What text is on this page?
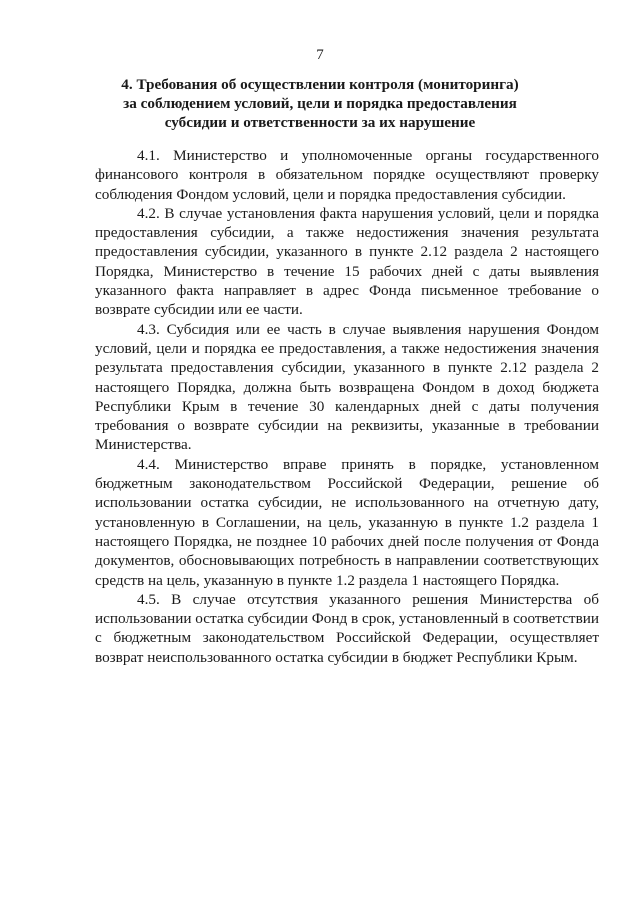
7
4. Требования об осуществлении контроля (мониторинга)
за соблюдением условий, цели и порядка предоставления
субсидии и ответственности за их нарушение

4.1. Министерство и уполномоченные органы государственного финансового контроля в обязательном порядке осуществляют проверку соблюдения Фондом условий, цели и порядка предоставления субсидии.

4.2. В случае установления факта нарушения условий, цели и порядка предоставления субсидии, а также недостижения значения результата предоставления субсидии, указанного в пункте 2.12 раздела 2 настоящего Порядка, Министерство в течение 15 рабочих дней с даты выявления указанного факта направляет в адрес Фонда письменное требование о возврате субсидии или ее части.

4.3. Субсидия или ее часть в случае выявления нарушения Фондом условий, цели и порядка ее предоставления, а также недостижения значения результата предоставления субсидии, указанного в пункте 2.12 раздела 2 настоящего Порядка, должна быть возвращена Фондом в доход бюджета Республики Крым в течение 30 календарных дней с даты получения требования о возврате субсидии на реквизиты, указанные в требовании Министерства.

4.4. Министерство вправе принять в порядке, установленном бюджетным законодательством Российской Федерации, решение об использовании остатка субсидии, не использованного на отчетную дату, установленную в Соглашении, на цель, указанную в пункте 1.2 раздела 1 настоящего Порядка, не позднее 10 рабочих дней после получения от Фонда документов, обосновывающих потребность в направлении соответствующих средств на цель, указанную в пункте 1.2 раздела 1 настоящего Порядка.

4.5. В случае отсутствия указанного решения Министерства об использовании остатка субсидии Фонд в срок, установленный в соответствии с бюджетным законодательством Российской Федерации, осуществляет возврат неиспользованного остатка субсидии в бюджет Республики Крым.
